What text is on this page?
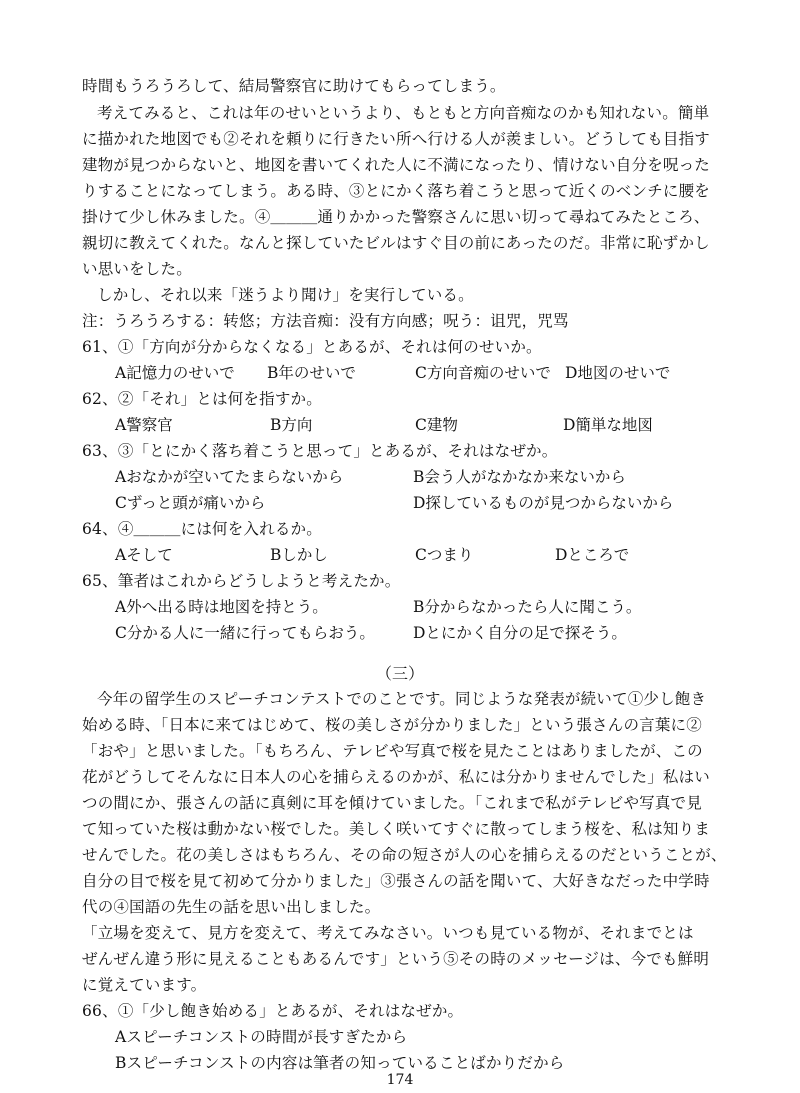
時間もうろうろして、結局警察官に助けてもらってしまう。
考えてみると、これは年のせいというより、もともと方向音痴なのかも知れない。簡単
に描かれた地図でも②それを頼りに行きたい所へ行ける人が羨ましい。どうしても目指す
建物が見つからないと、地図を書いてくれた人に不満になったり、情けない自分を呪った
りすることになってしまう。ある時、③とにかく落ち着こうと思って近くのベンチに腰を
掛けて少し休みました。④＿＿＿通りかかった警察さんに思い切って尋ねてみたところ、
親切に教えてくれた。なんと探していたビルはすぐ目の前にあったのだ。非常に恥ずかし
い思いをした。
しかし、それ以来「迷うより聞け」を実行している。
注：うろうろする：转悠；方法音痴：没有方向感；呪う：诅咒，咒骂
61、①「方向が分からなくなる」とあるが、それは何のせいか。
A記憶力のせいで B年のせいで	C方向音痴のせいで D地図のせいで
62、②「それ」とは何を指すか。
A警察官	B方向	C建物	D簡単な地図
63、③「とにかく落ち着こうと思って」とあるが、それはなぜか。
Aおなかが空いてたまらないから	B会う人がなかなか来ないから
Cずっと頭が痛いから	D探しているものが見つからないから
64、④＿＿＿には何を入れるか。
Aそして	Bしかし	Cつまり	Dところで
65、筆者はこれからどうしようと考えたか。
A外へ出る時は地図を持とう。	B分からなかったら人に聞こう。
C分かる人に一緒に行ってもらおう。 Dとにかく自分の足で探そう。
（三）
今年の留学生のスピーチコンテストでのことです。同じような発表が続いて①少し飽き
始める時、「日本に来てはじめて、桜の美しさが分かりました」という張さんの言葉に②
「おや」と思いました。「もちろん、テレビや写真で桜を見たことはありましたが、この
花がどうしてそんなに日本人の心を捕らえるのかが、私には分かりませんでした」私はい
つの間にか、張さんの話に真剣に耳を傾けていました。「これまで私がテレビや写真で見
て知っていた桜は動かない桜でした。美しく咲いてすぐに散ってしまう桜を、私は知りま
せんでした。花の美しさはもちろん、その命の短さが人の心を捕らえるのだということが、
自分の目で桜を見て初めて分かりました」③張さんの話を聞いて、大好きなだった中学時
代の④国語の先生の話を思い出しました。
「立場を変えて、見方を変えて、考えてみなさい。いつも見ている物が、それまでとは
ぜんぜん違う形に見えることもあるんです」という⑤その時のメッセージは、今でも鮮明
に覚えています。
66、①「少し飽き始める」とあるが、それはなぜか。
Aスピーチコンストの時間が長すぎたから
Bスピーチコンストの内容は筆者の知っていることばかりだから
174
